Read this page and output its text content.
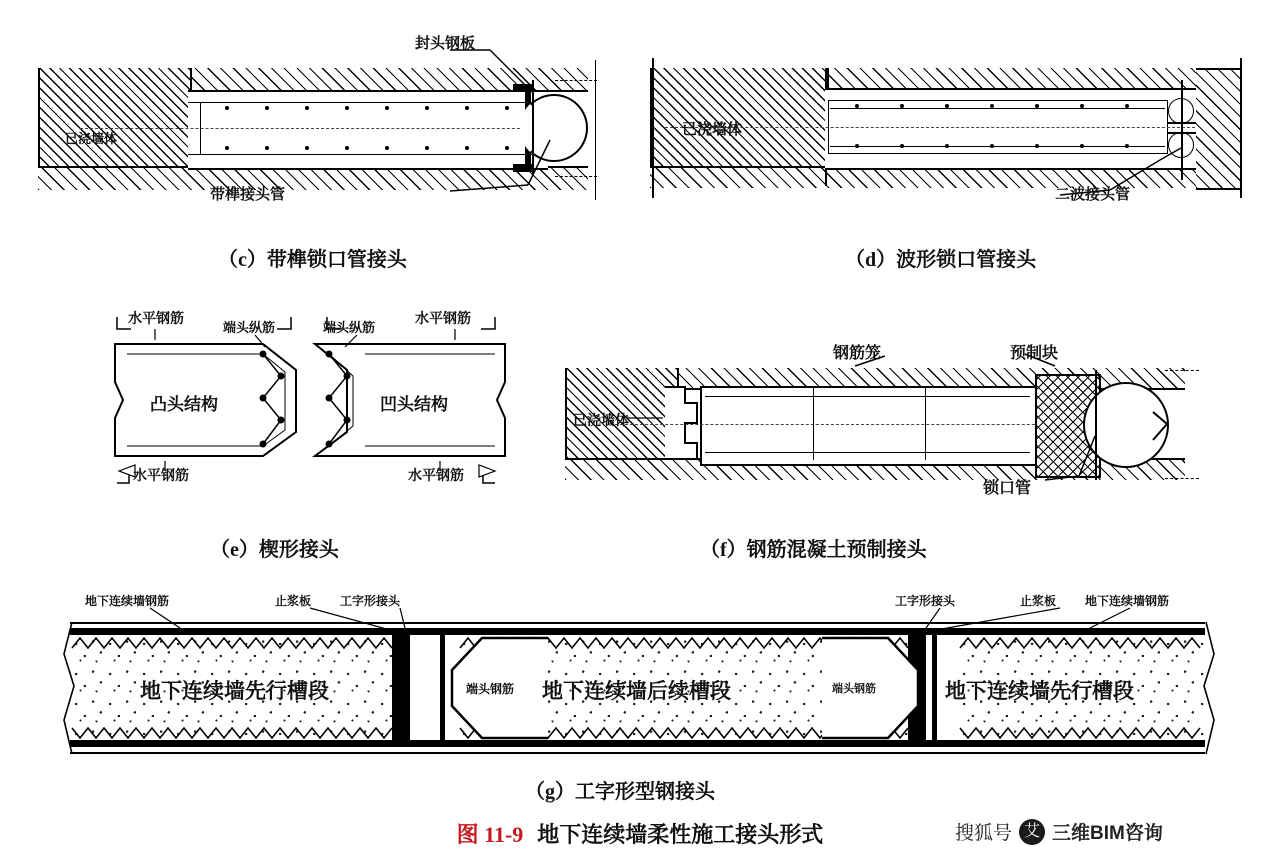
封头钢板
已浇墙体
带榫接头管
（c）带榫锁口管接头
已浇墙体
二波接头管
（d）波形锁口管接头
水平钢筋
端头纵筋	端头纵筋
水平钢筋
凸头结构	凹头结构
水平钢筋	水平钢筋
（e）楔形接头
钢筋笼	预制块
已浇墙体
锁口管
（f）钢筋混凝土预制接头
地下连续墙钢筋	止浆板 工字形接头	工字形接头	止浆板 地下连续墙钢筋
端头钢筋	端头钢筋
地下连续墙先行槽段	地下连续墙后续槽段	地下连续墙先行槽段
（g）工字形型钢接头
图 11-9 地下连续墙柔性施工接头形式	搜狐号 艾 三维BIM咨询
